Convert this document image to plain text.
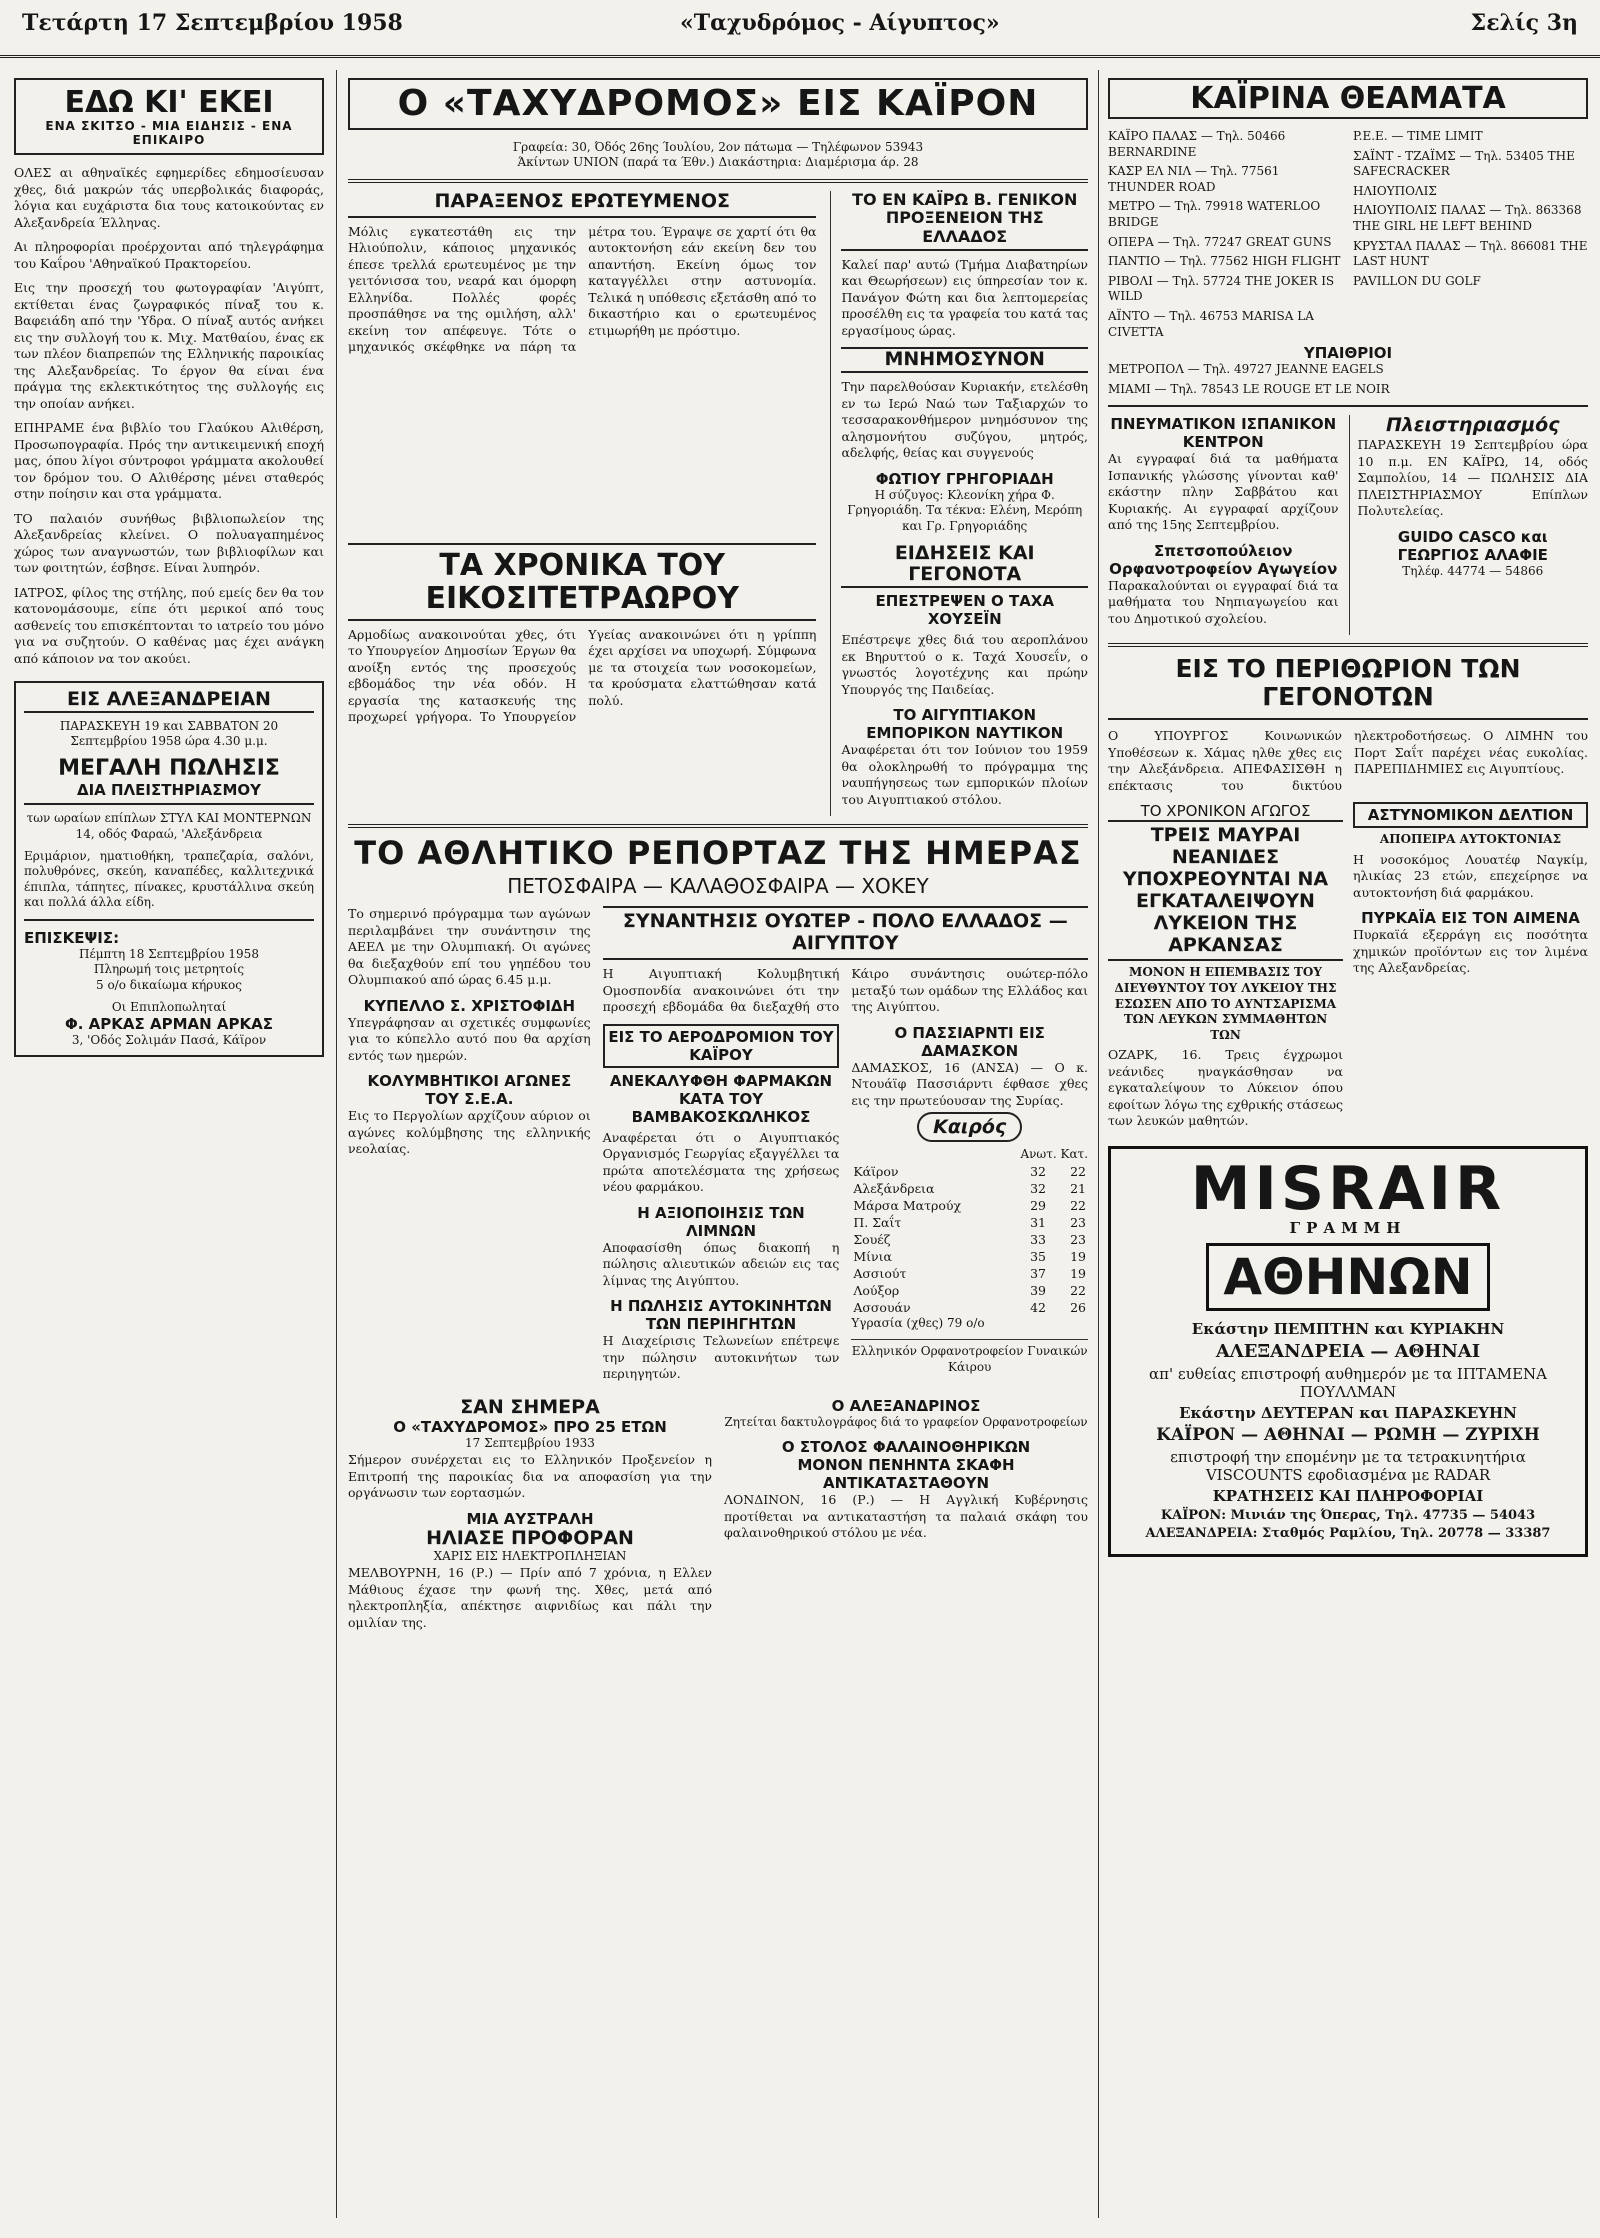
Τετάρτη 17 Σεπτεμβρίου 1958	«Ταχυδρόμος - Αίγυπτος»	Σελίς 3η
ΕΔΩ ΚΙ' ΕΚΕΙ
ΕΝΑ ΣΚΙΤΣΟ - ΜΙΑ ΕΙΔΗΣΙΣ - ΕΝΑ ΕΠΙΚΑΙΡΟ

ΟΛΕΣ αι αθηναϊκές εφημερίδες εδημοσίευσαν χθες, διά μακρών τάς υπερβολικάς διαφοράς, λόγια και ευχάριστα δια τους κατοικούντας εν Αλεξανδρεία Έλληνας.

Αι πληροφορίαι προέρχονται από τηλεγράφημα του Καΐρου 'Αθηναϊκού Πρακτορείου.

Εις την προσεχή του φωτογραφίαν 'Αιγύπτ, εκτίθεται ένας ζωγραφικός πίναξ του κ. Βαφειάδη από την 'Υδρα. Ο πίναξ αυτός ανήκει εις την συλλογή του κ. Μιχ. Ματθαίου, ένας εκ των πλέον διαπρεπών της Ελληνικής παροικίας της Αλεξανδρείας. Το έργον θα είναι ένα πράγμα της εκλεκτικότητος της συλλογής εις την οποίαν ανήκει.

ΕΠΗΡΑΜΕ ένα βιβλίο του Γλαύκου Αλιθέρση, Προσωπογραφία. Πρός την αντικειμενική εποχή μας, όπου λίγοι σύντροφοι γράμματα ακολουθεί τον δρόμον του. Ο Αλιθέρσης μένει σταθερός στην ποίησιν και στα γράμματα.

ΤΟ παλαιόν συνήθως βιβλιοπωλείον της Αλεξανδρείας κλείνει. Ο πολυαγαπημένος χώρος των αναγνωστών, των βιβλιοφίλων και των φοιτητών, έσβησε. Είναι λυπηρόν.

ΙΑΤΡΟΣ, φίλος της στήλης, πού εμείς δεν θα τον κατονομάσουμε, είπε ότι μερικοί από τους ασθενείς του επισκέπτονται το ιατρείο του μόνο για να συζητούν. Ο καθένας μας έχει ανάγκη από κάποιον να τον ακούει.

ΕΙΣ ΑΛΕΞΑΝΔΡΕΙΑΝ
ΠΑΡΑΣΚΕΥΗ 19 και ΣΑΒΒΑΤΟΝ 20 Σεπτεμβρίου 1958 ώρα 4.30 μ.μ.
ΜΕΓΑΛΗ ΠΩΛΗΣΙΣ
ΔΙΑ ΠΛΕΙΣΤΗΡΙΑΣΜΟΥ
των ωραίων επίπλων ΣΤΥΛ ΚΑΙ ΜΟΝΤΕΡΝΩΝ 14, οδός Φαραώ, 'Αλεξάνδρεια

Εριμάριον, ηματιοθήκη, τραπεζαρία, σαλόνι, πολυθρόνες, σκεύη, καναπέδες, καλλιτεχνικά έπιπλα, τάπητες, πίνακες, κρυστάλλινα σκεύη και πολλά άλλα είδη.

ΕΠΙΣΚΕΨΙΣ:
Πέμπτη 18 Σεπτεμβρίου 1958
Πληρωμή τοις μετρητοίς
5 ο/ο δικαίωμα κήρυκος
Οι Επιπλοπωληταί
Φ. ΑΡΚΑΣ ΑΡΜΑΝ ΑΡΚΑΣ
3, 'Οδός Σολιμάν Πασά, Κάϊρον
Ο «ΤΑΧΥΔΡΟΜΟΣ» ΕΙΣ ΚΑΪΡΟΝ
Γραφεία: 30, Όδός 26ης Ίουλίου, 2ον πάτωμα — Τηλέφωνον 53943
Άκίντων UNION (παρά τα Έθν.) Διακάστηρια: Διαμέρισμα άρ. 28
ΠΑΡΑΞΕΝΟΣ ΕΡΩΤΕΥΜΕΝΟΣ

Μόλις εγκατεστάθη εις την Ηλιούπολιν, κάποιος μηχανικός έπεσε τρελλά ερωτευμένος με την γειτόνισσα του, νεαρά και όμορφη Ελληνίδα. Πολλές φορές προσπάθησε να της ομιλήση, αλλ' εκείνη τον απέφευγε. Τότε ο μηχανικός σκέφθηκε να πάρη τα μέτρα του. Έγραψε σε χαρτί ότι θα αυτοκτονήση εάν εκείνη δεν του απαντήση. Εκείνη όμως τον καταγγέλλει στην αστυνομία. Τελικά η υπόθεσις εξετάσθη από το δικαστήριο και ο ερωτευμένος ετιμωρήθη με πρόστιμο.

ΤΟ ΕΝ ΚΑΪΡΩ Β. ΓΕΝΙΚΟΝ ΠΡΟΞΕΝΕΙΟΝ ΤΗΣ ΕΛΛΑΔΟΣ

Καλεί παρ' αυτώ (Τμήμα Διαβατηρίων και Θεωρήσεων) εις ύπηρεσίαν τον κ. Πανάγον Φώτη και δια λεπτομερείας προσέλθη εις τα γραφεία του κατά τας εργασίμους ώρας.

ΜΝΗΜΟΣΥΝΟΝ

Την παρελθούσαν Κυριακήν, ετελέσθη εν τω Ιερώ Ναώ των Ταξιαρχών το τεσσαρακονθήμερον μνημόσυνον της αλησμονήτου συζύγου, μητρός, αδελφής, θείας και συγγενούς

ΦΩΤΙΟΥ ΓΡΗΓΟΡΙΑΔΗ

Η σύζυγος: Κλεονίκη χήρα Φ. Γρηγοριάδη. Τα τέκνα: Ελένη, Μερόπη και Γρ. Γρηγοριάδης

ΤΑ ΧΡΟΝΙΚΑ ΤΟΥ ΕΙΚΟΣΙΤΕΤΡΑΩΡΟΥ

Αρμοδίως ανακοινούται χθες, ότι το Υπουργείον Δημοσίων Έργων θα ανοίξη εντός της προσεχούς εβδομάδος την νέα οδόν. Η εργασία της κατασκευής της προχωρεί γρήγορα. Το Υπουργείον Υγείας ανακοινώνει ότι η γρίππη έχει αρχίσει να υποχωρή. Σύμφωνα με τα στοιχεία των νοσοκομείων, τα κρούσματα ελαττώθησαν κατά πολύ.

ΕΙΔΗΣΕΙΣ ΚΑΙ ΓΕΓΟΝΟΤΑ
ΕΠΕΣΤΡΕΨΕΝ Ο ΤΑΧΑ ΧΟΥΣΕΪΝ

Επέστρεψε χθες διά του αεροπλάνου εκ Βηρυττού ο κ. Ταχά Χουσεΐν, ο γνωστός λογοτέχνης και πρώην Υπουργός της Παιδείας.

ΤΟ ΑΙΓΥΠΤΙΑΚΟΝ ΕΜΠΟΡΙΚΟΝ ΝΑΥΤΙΚΟΝ

Αναφέρεται ότι τον Ιούνιον του 1959 θα ολοκληρωθή το πρόγραμμα της ναυπήγησεως των εμπορικών πλοίων του Αιγυπτιακού στόλου.

ΤΟ ΑΘΛΗΤΙΚΟ ΡΕΠΟΡΤΑΖ ΤΗΣ ΗΜΕΡΑΣ
ΠΕΤΟΣΦΑΙΡΑ — ΚΑΛΑΘΟΣΦΑΙΡΑ — ΧΟΚΕΥ

Το σημερινό πρόγραμμα των αγώνων περιλαμβάνει την συνάντησιν της ΑΕΕΛ με την Ολυμπιακή. Οι αγώνες θα διεξαχθούν επί του γηπέδου του Ολυμπιακού από ώρας 6.45 μ.μ.

ΚΥΠΕΛΛΟ Σ. ΧΡΙΣΤΟΦΙΔΗ

Υπεγράφησαν αι σχετικές συμφωνίες για το κύπελλο αυτό που θα αρχίση εντός των ημερών.

ΚΟΛΥΜΒΗΤΙΚΟΙ ΑΓΩΝΕΣ ΤΟΥ Σ.Ε.Α.

Εις το Περγολίων αρχίζουν αύριον οι αγώνες κολύμβησης της ελληνικής νεολαίας.

ΣΥΝΑΝΤΗΣΙΣ ΟΥΩΤΕΡ - ΠΟΛΟ ΕΛΛΑΔΟΣ — ΑΙΓΥΠΤΟΥ

Η Αιγυπτιακή Κολυμβητική Ομοσπονδία ανακοινώνει ότι την προσεχή εβδομάδα θα διεξαχθή στο Κάιρο συνάντησις ουώτερ-πόλο μεταξύ των ομάδων της Ελλάδος και της Αιγύπτου.

ΕΙΣ ΤΟ ΑΕΡΟΔΡΟΜΙΟΝ ΤΟΥ ΚΑΪΡΟΥ
ΑΝΕΚΑΛΥΦΘΗ ΦΑΡΜΑΚΩΝ ΚΑΤΑ ΤΟΥ ΒΑΜΒΑΚΟΣΚΩΛΗΚΟΣ

Αναφέρεται ότι ο Αιγυπτιακός Οργανισμός Γεωργίας εξαγγέλλει τα πρώτα αποτελέσματα της χρήσεως νέου φαρμάκου.

Η ΑΞΙΟΠΟΙΗΣΙΣ ΤΩΝ ΛΙΜΝΩΝ

Αποφασίσθη όπως διακοπή η πώλησις αλιευτικών αδειών εις τας λίμνας της Αιγύπτου.

Η ΠΩΛΗΣΙΣ ΑΥΤΟΚΙΝΗΤΩΝ ΤΩΝ ΠΕΡΙΗΓΗΤΩΝ

Η Διαχείρισις Τελωνείων επέτρεψε την πώλησιν αυτοκινήτων των περιηγητών.

Ο ΠΑΣΣΙΑΡΝΤΙ ΕΙΣ ΔΑΜΑΣΚΟΝ

ΔΑΜΑΣΚΟΣ, 16 (ΑΝΣΑ) — Ο κ. Ντουάϊφ Πασσιάρντι έφθασε χθες εις την πρωτεύουσαν της Συρίας.

Καιρός
Ανωτ. Κατ.
Κάϊρον	32	22
Αλεξάνδρεια	32	21
Μάρσα Ματρούχ	29	22
Π. Σαΐτ	31	23
Σουέζ	33	23
Μίνια	35	19
Ασσιούτ	37	19
Λούξορ	39	22
Ασσουάν	42	26
Υγρασία (χθες) 79 ο/ο
Ελληνικόν Ορφανοτροφείον Γυναικών Κάιρου
ΣΑΝ ΣΗΜΕΡΑ
Ο «ΤΑΧΥΔΡΟΜΟΣ» ΠΡΟ 25 ΕΤΩΝ
17 Σεπτεμβρίου 1933

Σήμερον συνέρχεται εις το Ελληνικόν Προξενείον η Επιτροπή της παροικίας δια να αποφασίση για την οργάνωσιν των εορτασμών.

ΜΙΑ ΑΥΣΤΡΑΛΗ
ΗΛΙΑΣΕ ΠΡΟΦΟΡΑΝ
ΧΑΡΙΣ ΕΙΣ ΗΛΕΚΤΡΟΠΛΗΞΙΑΝ

ΜΕΛΒΟΥΡΝΗ, 16 (Ρ.) — Πρίν από 7 χρόνια, η Ελλεν Μάθιους έχασε την φωνή της. Χθες, μετά από ηλεκτροπληξία, απέκτησε αιφνιδίως και πάλι την ομιλίαν της.

Ο ΑΛΕΞΑΝΔΡΙΝΟΣ

Ζητείται δακτυλογράφος διά το γραφείον Ορφανοτροφείων

Ο ΣΤΟΛΟΣ ΦΑΛΑΙΝΟΘΗΡΙΚΩΝ
ΜΟΝΟΝ ΠΕΝΗΝΤΑ ΣΚΑΦΗ ΑΝΤΙΚΑΤΑΣΤΑΘΟΥΝ

ΛΟΝΔΙΝΟΝ, 16 (Ρ.) — Η Αγγλική Κυβέρνησις προτίθεται να αντικαταστήση τα παλαιά σκάφη του φαλαινοθηρικού στόλου με νέα.

ΚΑΪΡΙΝΑ ΘΕΑΜΑΤΑ
ΚΑΪΡΟ ΠΑΛΑΣ — Τηλ. 50466 BERNARDINE
ΚΑΣΡ ΕΛ ΝΙΛ — Τηλ. 77561 THUNDER ROAD
ΜΕΤΡΟ — Τηλ. 79918 WATERLOO BRIDGE
ΟΠΕΡΑ — Τηλ. 77247 GREAT GUNS
ΠΑΝΤΙΟ — Τηλ. 77562 HIGH FLIGHT
ΡΙΒΟΛΙ — Τηλ. 57724 THE JOKER IS WILD
ΑΪΝΤΟ — Τηλ. 46753 MARISA LA CIVETTA
P.E.E. — TIME LIMIT
ΣΑΪΝΤ - ΤΖΑΪΜΣ — Τηλ. 53405 THE SAFECRACKER
ΗΛΙΟΥΠΟΛΙΣ
ΗΛΙΟΥΠΟΛΙΣ ΠΑΛΑΣ — Τηλ. 863368 THE GIRL HE LEFT BEHIND
ΚΡΥΣΤΑΛ ΠΑΛΑΣ — Τηλ. 866081 THE LAST HUNT
PAVILLON DU GOLF
ΥΠΑΙΘΡΙΟΙ
ΜΕΤΡΟΠΟΛ — Τηλ. 49727 JEANNE EAGELS
ΜΙΑΜΙ — Τηλ. 78543 LE ROUGE ET LE NOIR
ΠΝΕΥΜΑΤΙΚΟΝ ΙΣΠΑΝΙΚΟΝ ΚΕΝΤΡΟΝ

Αι εγγραφαί διά τα μαθήματα Ισπανικής γλώσσης γίνονται καθ' εκάστην πλην Σαββάτου και Κυριακής. Αι εγγραφαί αρχίζουν από της 15ης Σεπτεμβρίου.

Σπετσοπούλειον Ορφανοτροφείον Αγωγείον

Παρακαλούνται οι εγγραφαί διά τα μαθήματα του Νηπιαγωγείου και του Δημοτικού σχολείου.

Πλειστηριασμός

ΠΑΡΑΣΚΕΥΗ 19 Σεπτεμβρίου ώρα 10 π.μ. ΕΝ ΚΑΪΡΩ, 14, οδός Σαμπολίου, 14 — ΠΩΛΗΣΙΣ ΔΙΑ ΠΛΕΙΣΤΗΡΙΑΣΜΟΥ Επίπλων Πολυτελείας.

GUIDO CASCO και ΓΕΩΡΓΙΟΣ ΑΛΑΦΙΕ
Τηλέφ. 44774 — 54866
ΕΙΣ ΤΟ ΠΕΡΙΘΩΡΙΟΝ ΤΩΝ ΓΕΓΟΝΟΤΩΝ

Ο ΥΠΟΥΡΓΟΣ Κοινωνικών Υποθέσεων κ. Χάμας ηλθε χθες εις την Αλεξάνδρεια. ΑΠΕΦΑΣΙΣΘΗ η επέκτασις του δικτύου ηλεκτροδοτήσεως. Ο ΛΙΜΗΝ του Πορτ Σαΐτ παρέχει νέας ευκολίας. ΠΑΡΕΠΙΔΗΜΙΕΣ εις Αιγυπτίους.

ΤΟ ΧΡΟΝΙΚΟΝ ΑΓΩΓΟΣ
ΤΡΕΙΣ ΜΑΥΡΑΙ ΝΕΑΝΙΔΕΣ ΥΠΟΧΡΕΟΥΝΤΑΙ ΝΑ ΕΓΚΑΤΑΛΕΙΨΟΥΝ ΛΥΚΕΙΟΝ ΤΗΣ ΑΡΚΑΝΣΑΣ
ΜΟΝΟΝ Η ΕΠΕΜΒΑΣΙΣ ΤΟΥ ΔΙΕΥΘΥΝΤΟΥ ΤΟΥ ΛΥΚΕΙΟΥ ΤΗΣ ΕΣΩΣΕΝ ΑΠΟ ΤΟ ΑΥΝΤΣΑΡΙΣΜΑ ΤΩΝ ΛΕΥΚΩΝ ΣΥΜΜΑΘΗΤΩΝ ΤΩΝ

ΟΖΑΡΚ, 16. Τρεις έγχρωμοι νεάνιδες ηναγκάσθησαν να εγκαταλείψουν το Λύκειον όπου εφοίτων λόγω της εχθρικής στάσεως των λευκών μαθητών.

ΑΣΤΥΝΟΜΙΚΟΝ ΔΕΛΤΙΟΝ
ΑΠΟΠΕΙΡΑ ΑΥΤΟΚΤΟΝΙΑΣ

Η νοσοκόμος Λουατέφ Ναγκίμ, ηλικίας 23 ετών, επεχείρησε να αυτοκτονήση διά φαρμάκου.

ΠΥΡΚΑΪΑ ΕΙΣ ΤΟΝ ΑΙΜΕΝΑ

Πυρκαϊά εξερράγη εις ποσότητα χημικών προϊόντων εις τον λιμένα της Αλεξανδρείας.

MISRAIR
ΓΡΑΜΜΗ
ΑΘΗΝΩΝ

Εκάστην ΠΕΜΠΤΗΝ και ΚΥΡΙΑΚΗΝ

ΑΛΕΞΑΝΔΡΕΙΑ — ΑΘΗΝΑΙ

απ' ευθείας επιστροφή αυθημερόν με τα ΙΠΤΑΜΕΝΑ ΠΟΥΛΛΜΑΝ

Εκάστην ΔΕΥΤΕΡΑΝ και ΠΑΡΑΣΚΕΥΗΝ

ΚΑΪΡΟΝ — ΑΘΗΝΑΙ — ΡΩΜΗ — ΖΥΡΙΧΗ

επιστροφή την επομένην με τα τετρακινητήρια VISCOUNTS εφοδιασμένα με RADAR

ΚΡΑΤΗΣΕΙΣ ΚΑΙ ΠΛΗΡΟΦΟΡΙΑΙ

ΚΑΪΡΟΝ: Μινιάν της Όπερας, Τηλ. 47735 — 54043

ΑΛΕΞΑΝΔΡΕΙΑ: Σταθμός Ραμλίου, Τηλ. 20778 — 33387
